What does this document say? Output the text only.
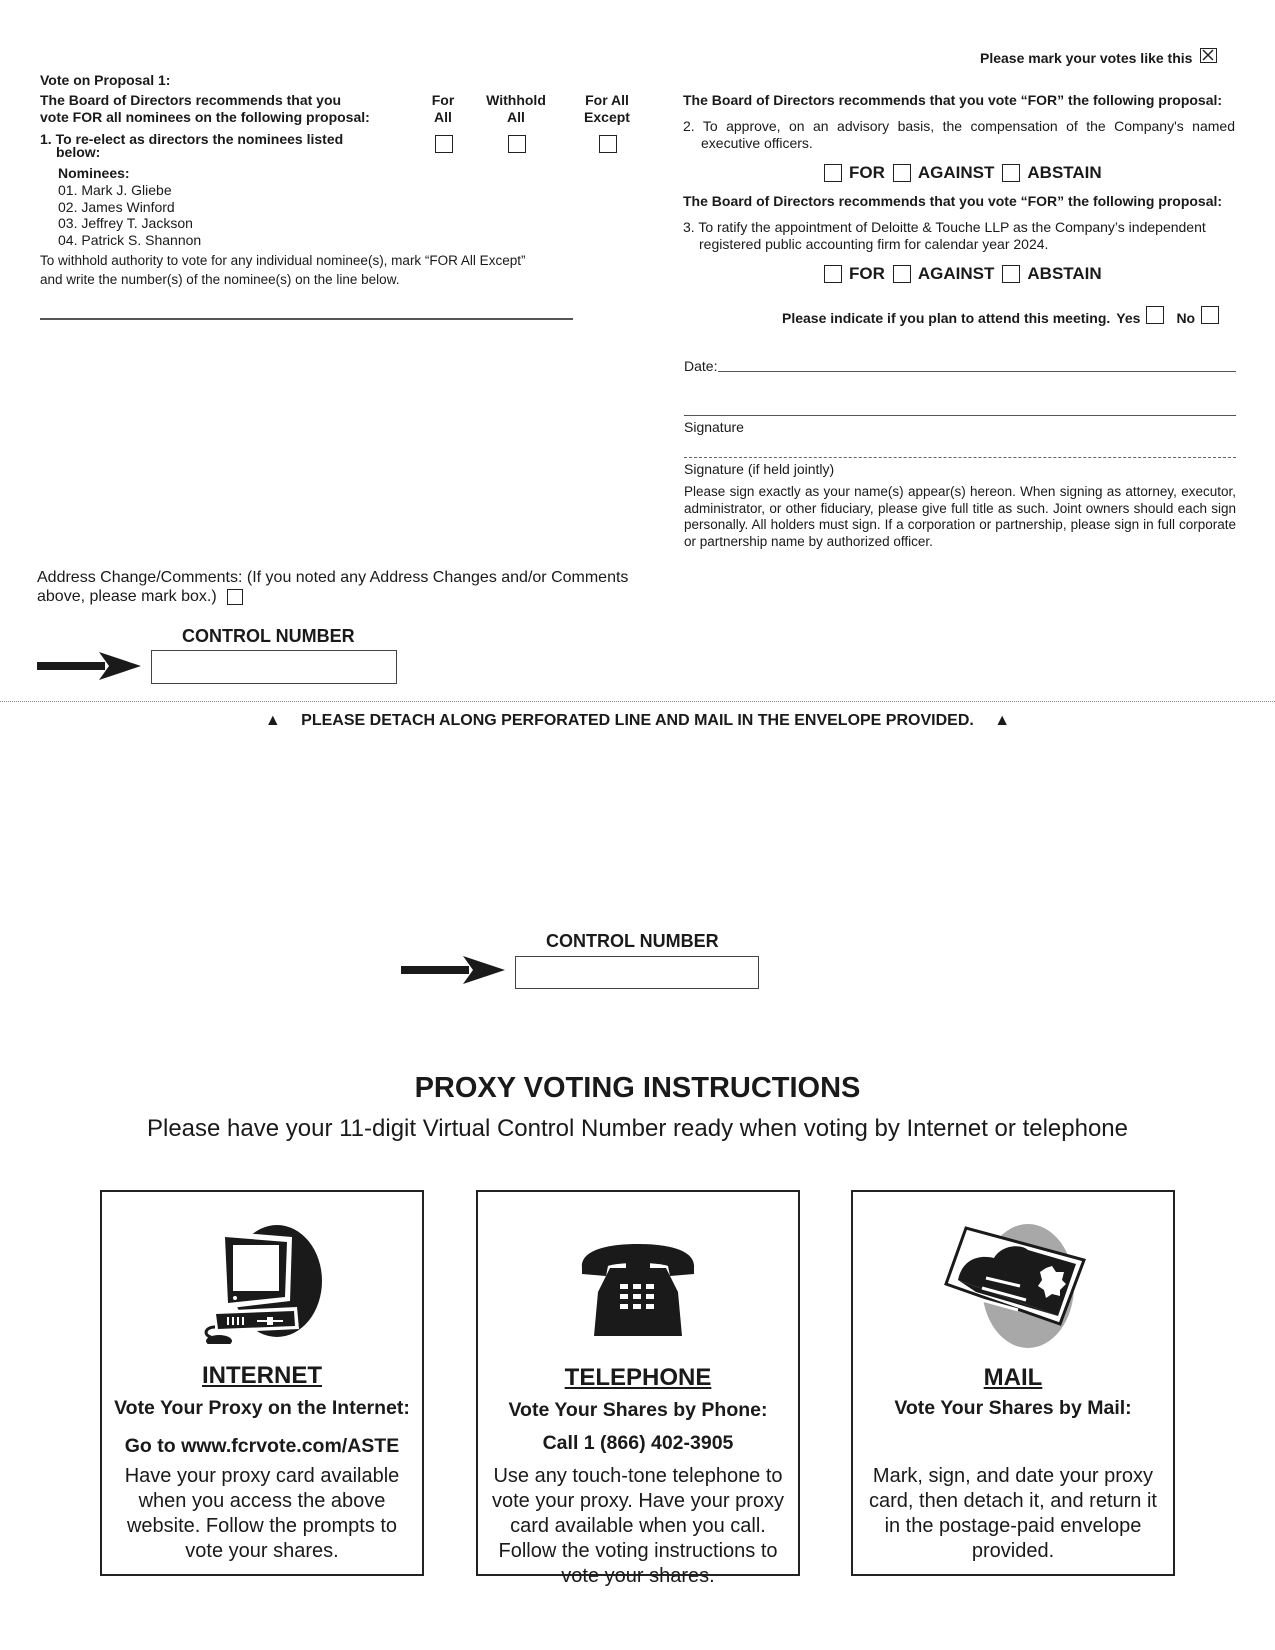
Please mark your votes like this
Vote on Proposal 1:
The Board of Directors recommends that you
vote FOR all nominees on the following proposal:
1. To re-elect as directors the nominees listed
below:
For
All
Withhold
All
For All
Except
Nominees:
01. Mark J. Gliebe
02. James Winford
03. Jeffrey T. Jackson
04. Patrick S. Shannon
To withhold authority to vote for any individual nominee(s), mark “FOR All Except”
and write the number(s) of the nominee(s) on the line below.
The Board of Directors recommends that you vote “FOR” the following proposal:
2. To approve, on an advisory basis, the compensation of the Company's named
executive officers.
FOR AGAINST ABSTAIN
The Board of Directors recommends that you vote “FOR” the following proposal:
3. To ratify the appointment of Deloitte & Touche LLP as the Company’s independent
registered public accounting firm for calendar year 2024.
FOR AGAINST ABSTAIN
Please indicate if you plan to attend this meeting. Yes	No
Date:
Signature
Signature (if held jointly)
Please sign exactly as your name(s) appear(s) hereon. When signing as attorney, executor, administrator, or other fiduciary, please give full title as such. Joint owners should each sign personally. All holders must sign. If a corporation or partnership, please sign in full corporate or partnership name by authorized officer.
Address Change/Comments: (If you noted any Address Changes and/or Comments
above, please mark box.)
CONTROL NUMBER
▲ PLEASE DETACH ALONG PERFORATED LINE AND MAIL IN THE ENVELOPE PROVIDED. ▲
CONTROL NUMBER
PROXY VOTING INSTRUCTIONS
Please have your 11-digit Virtual Control Number ready when voting by Internet or telephone
INTERNET
Vote Your Proxy on the Internet:
Go to www.fcrvote.com/ASTE
Have your proxy card available when you access the above website. Follow the prompts to vote your shares.
TELEPHONE
Vote Your Shares by Phone:
Call 1 (866) 402-3905
Use any touch-tone telephone to vote your proxy. Have your proxy card available when you call. Follow the voting instructions to vote your shares.
MAIL
Vote Your Shares by Mail:
Mark, sign, and date your proxy card, then detach it, and return it in the postage-paid envelope provided.
